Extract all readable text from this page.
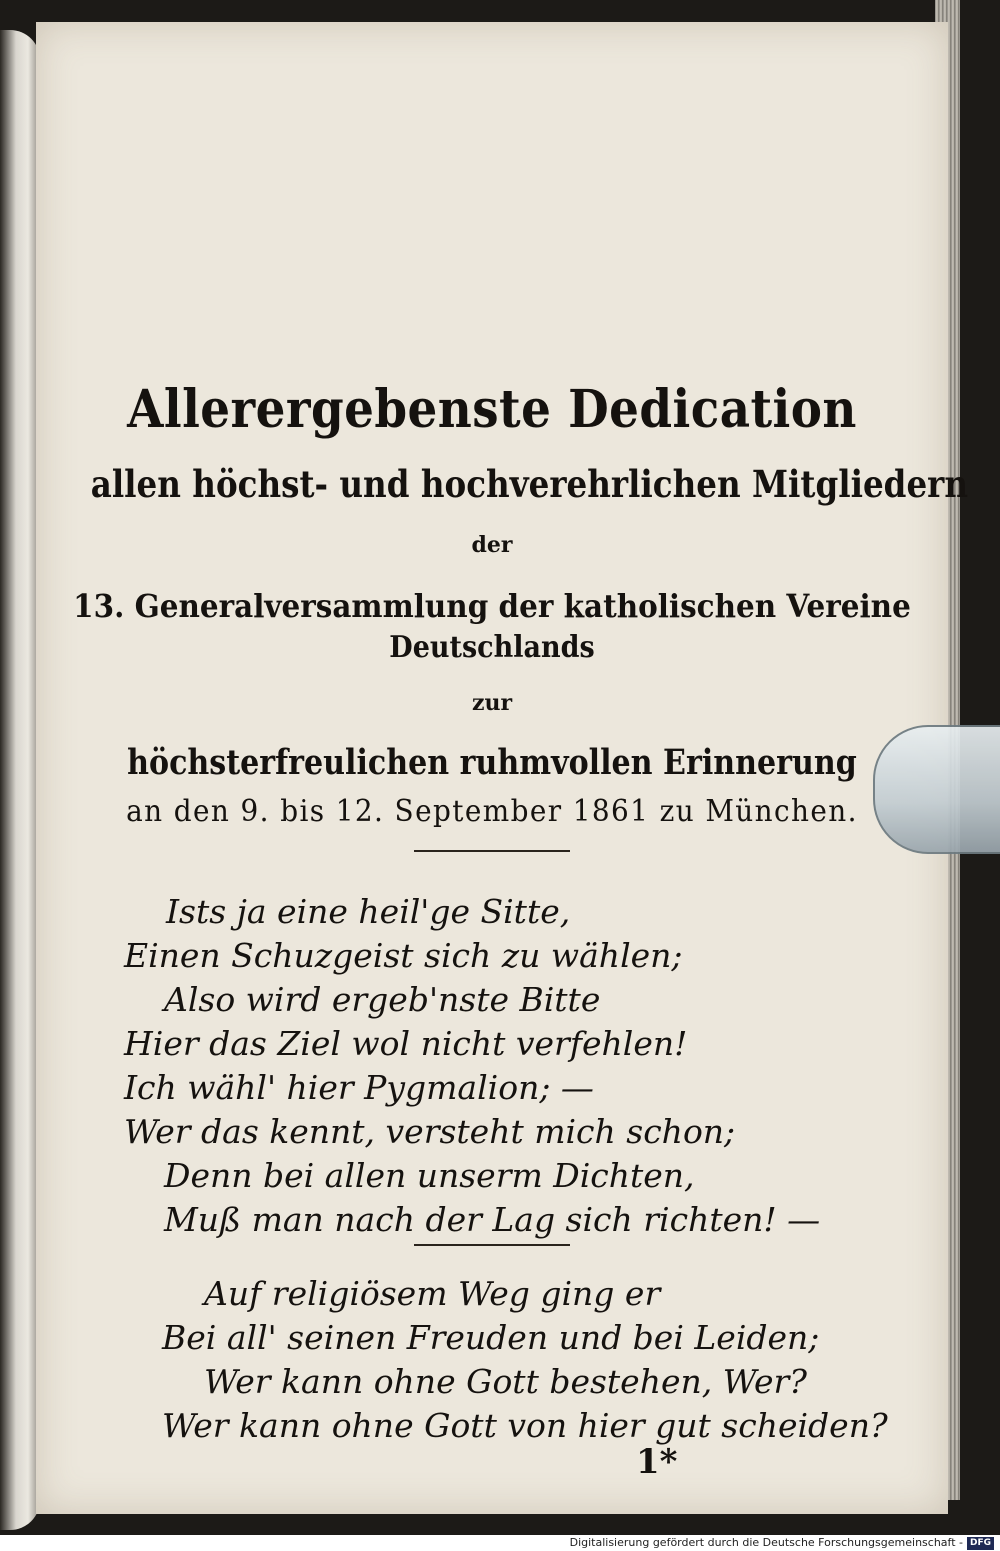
Allerergebenste Dedication
allen höchst- und hochverehrlichen Mitgliedern
der
13. Generalversammlung der katholischen Vereine
Deutschlands
zur
höchsterfreulichen ruhmvollen Erinnerung
an den 9. bis 12. September 1861 zu München.
Ists ja eine heil'ge Sitte,
Einen Schuzgeist sich zu wählen;
Also wird ergeb'nste Bitte
Hier das Ziel wol nicht verfehlen!
Ich wähl' hier Pygmalion; —
Wer das kennt, versteht mich schon;
Denn bei allen unserm Dichten,
Muß man nach der Lag sich richten! —
Auf religiösem Weg ging er
Bei all' seinen Freuden und bei Leiden;
Wer kann ohne Gott bestehen, Wer?
Wer kann ohne Gott von hier gut scheiden?
1*
Digitalisierung gefördert durch die Deutsche Forschungsgemeinschaft - DFG
